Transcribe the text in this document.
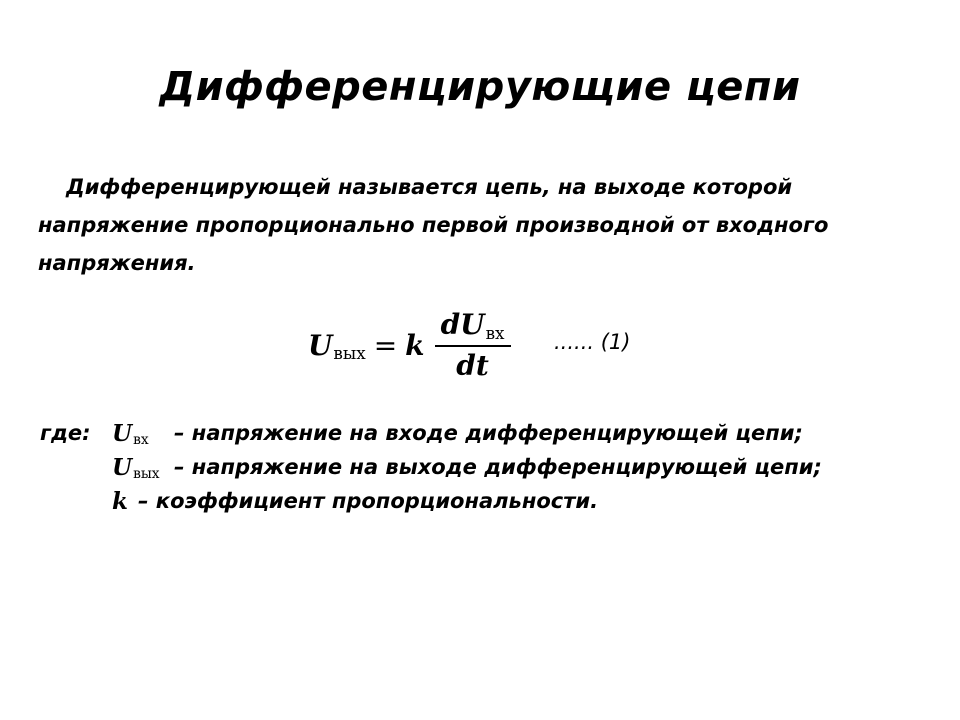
Дифференцирующие цепи
Дифференцирующей называется цепь, на выходе которой
напряжение пропорционально первой производной от входного
напряжения.
Uвых = k $\frac{\text{dUвх}}{dt}$ ...... (1)
где: Uвх	– напряжение на входе дифференцирующей цепи;
Uвых – напряжение на выходе дифференцирующей цепи;
k – коэффициент пропорциональности.
